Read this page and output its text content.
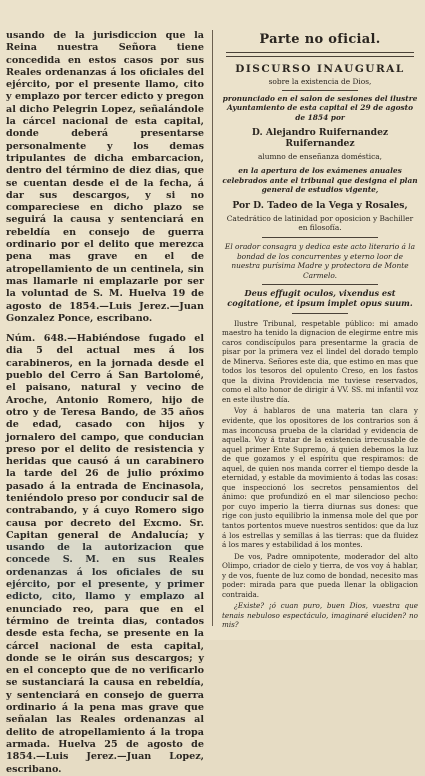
usando de la jurisdiccion que la Reina nuestra Señora tiene concedida en estos casos por sus Reales ordenanzas á los oficiales del ejército, por el presente llamo, cito y emplazo por tercer edicto y pregon al dicho Pelegrin Lopez, señalándole la cárcel nacional de esta capital, donde deberá presentarse personalmente y los demas tripulantes de dicha embarcacion, dentro del término de diez dias, que se cuentan desde el de la fecha, á dar sus descargos, y si no compareciese en dicho plazo se seguirá la causa y sentenciará en rebeldía en consejo de guerra ordinario por el delito que merezca pena mas grave en el de atropellamiento de un centinela, sin mas llamarle ni emplazarle por ser la voluntad de S. M. Huelva 19 de agosto de 1854.—Luis Jerez.—Juan Gonzalez Ponce, escribano.

Núm. 648.—Habiéndose fugado el dia 5 del actual mes á los carabineros, en la jornada desde el pueblo del Cerro á San Bartolomé, el paisano, natural y vecino de Aroche, Antonio Romero, hijo de otro y de Teresa Bando, de 35 años de edad, casado con hijos y jornalero del campo, que conducian preso por el delito de resistencia y heridas que causó á un carabinero la tarde del 26 de julio próximo pasado á la entrada de Encinasola, teniéndolo preso por conducir sal de contrabando, y á cuyo Romero sigo causa por decreto del Excmo. Sr. Capitan general de Andalucía; y usando de la autorizacion que concede S. M. en sus Reales ordenanzas á los oficiales de su ejército, por el presente, y primer edicto, cito, llamo y emplazo al enunciado reo, para que en el término de treinta dias, contados desde esta fecha, se presente en la cárcel nacional de esta capital, donde se le oirán sus descargos; y en el concepto que de no verificarlo se sustanciará la causa en rebeldía, y sentenciará en consejo de guerra ordinario á la pena mas grave que señalan las Reales ordenanzas al delito de atropellamiento á la tropa armada. Huelva 25 de agosto de 1854.—Luis Jerez.—Juan Lopez, escribano.

Parte no oficial.
DISCURSO INAUGURAL
sobre la existencia de Dios,
pronunciado en el salon de sesiones del ilustre Ayuntamiento de esta capital el 29 de agosto de 1854 por
D. Alejandro Ruifernandez Ruifernandez
alumno de enseñanza doméstica,
en la apertura de los exámenes anuales celebrados ante el tribunal que designa el plan general de estudios vigente,
Por D. Tadeo de la Vega y Rosales,
Catedrático de latinidad por oposicion y Bachiller en filosofía.
El orador consagra y dedica este acto literario á la bondad de los concurrentes y eterno loor de nuestra purísima Madre y protectora de Monte Carmelo.
Deus effugit oculos, vixendus est cogitatione, et ipsum implet opus suum.

Ilustre Tribunal, respetable público: mi amado maestro ha tenido la dignacion de elegirme entre mis caros condiscípulos para presentarme la gracia de pisar por la primera vez el lindel del dorado templo de Minerva. Señores este dia, que estimo en mas que todos los tesoros del opulento Creso, en los fastos que la divina Providencia me tuviese reservados, como el alto honor de dirigir á VV. SS. mi infantil voz en este ilustre día.

Voy á hablaros de una materia tan clara y evidente, que los opositores de los contrarios son á mas inconcusa prueba de la claridad y evidencia de aquella. Voy á tratar de la existencia irrecusable de aquel primer Ente Supremo, á quien debemos la luz de que gozamos y el espíritu que respiramos: de aquel, de quien nos manda correr el tiempo desde la eternidad, y estable da movimiento á todas las cosas: que inspeccionó los secretos pensamientos del ánimo: que profundizó en el mar silencioso pecho: por cuyo imperio la tierra diurnas sus dones: que rige con justo equilibrio la inmensa mole del que por tantos portentos mueve nuestros sentidos: que da luz á los estrellas y semillas á las tierras: que da fluidez á los mares y estabilidad á los montes.

De vos, Padre omnipotente, moderador del alto Olimpo, criador de cielo y tierra, de vos voy á hablar, y de vos, fuente de luz como de bondad, necesito mas poder: mirada para que pueda llenar la obligacion contraida.

¿Existe? ¡ó cuan puro, buen Dios, vuestra que tenais nebuloso espectáculo, imaginaré eluciden? no mis?
